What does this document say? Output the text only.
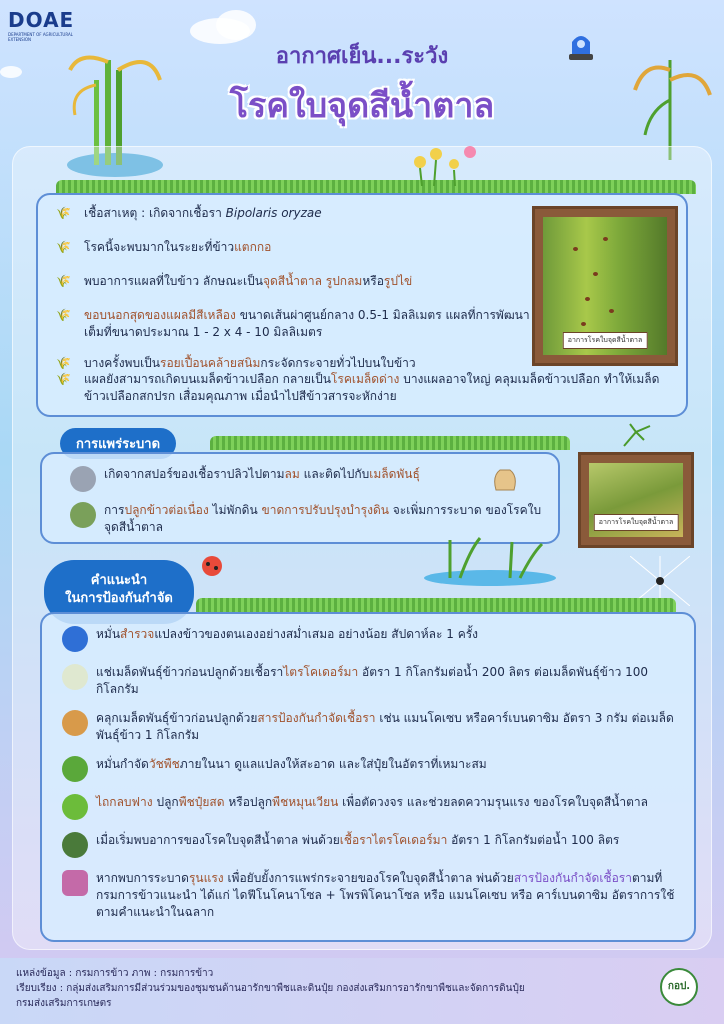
DOAE
DEPARTMENT OF AGRICULTURAL EXTENSION
อากาศเย็น...ระวัง
โรคใบจุดสีน้ำตาล
🌾	เชื้อสาเหตุ : เกิดจากเชื้อรา Bipolaris oryzae
🌾	โรคนี้จะพบมากในระยะที่ข้าวแตกกอ
🌾	พบอาการแผลที่ใบข้าว ลักษณะเป็นจุดสีน้ำตาล รูปกลมหรือรูปไข่
🌾	ขอบนอกสุดของแผลมีสีเหลือง ขนาดเส้นผ่าศูนย์กลาง 0.5-1 มิลลิเมตร แผลที่การพัฒนาเต็มที่ขนาดประมาณ 1 - 2 x 4 - 10 มิลลิเมตร
🌾	บางครั้งพบเป็นรอยเปื้อนคล้ายสนิมกระจัดกระจายทั่วไปบนใบข้าว
🌾	แผลยังสามารถเกิดบนเมล็ดข้าวเปลือก กลายเป็นโรคเมล็ดด่าง บางแผลอาจใหญ่ คลุมเมล็ดข้าวเปลือก ทำให้เมล็ดข้าวเปลือกสกปรก เสื่อมคุณภาพ เมื่อนำไปสีข้าวสารจะหักง่าย
อาการโรคใบจุดสีน้ำตาล
การแพร่ระบาด
เกิดจากสปอร์ของเชื้อราปลิวไปตามลม และติดไปกับเมล็ดพันธุ์
การปลูกข้าวต่อเนื่อง ไม่พักดิน ขาดการปรับปรุงบำรุงดิน จะเพิ่มการระบาด ของโรคใบจุดสีน้ำตาล	อาการโรคใบจุดสีน้ำตาล
คำแนะนำ
ในการป้องกันกำจัด
หมั่นสำรวจแปลงข้าวของตนเองอย่างสม่ำเสมอ อย่างน้อย สัปดาห์ละ 1 ครั้ง
แช่เมล็ดพันธุ์ข้าวก่อนปลูกด้วยเชื้อราไตรโคเดอร์มา อัตรา 1 กิโลกรัมต่อน้ำ 200 ลิตร ต่อเมล็ดพันธุ์ข้าว 100 กิโลกรัม
คลุกเมล็ดพันธุ์ข้าวก่อนปลูกด้วยสารป้องกันกำจัดเชื้อรา เช่น แมนโคเซบ หรือคาร์เบนดาซิม อัตรา 3 กรัม ต่อเมล็ดพันธุ์ข้าว 1 กิโลกรัม
หมั่นกำจัดวัชพืชภายในนา ดูแลแปลงให้สะอาด และใส่ปุ๋ยในอัตราที่เหมาะสม
ไถกลบฟาง ปลูกพืชปุ๋ยสด หรือปลูกพืชหมุนเวียน เพื่อตัดวงจร และช่วยลดความรุนแรง ของโรคใบจุดสีน้ำตาล
เมื่อเริ่มพบอาการของโรคใบจุดสีน้ำตาล พ่นด้วยเชื้อราไตรโคเดอร์มา อัตรา 1 กิโลกรัมต่อน้ำ 100 ลิตร
หากพบการระบาดรุนแรง เพื่อยับยั้งการแพร่กระจายของโรคใบจุดสีน้ำตาล พ่นด้วยสารป้องกันกำจัดเชื้อราตามที่กรมการข้าวแนะนำ ได้แก่ ไดฟีโนโคนาโซล + โพรพิโคนาโซล หรือ แมนโคเซบ หรือ คาร์เบนดาซิม อัตราการใช้ตามคำแนะนำในฉลาก
แหล่งข้อมูล : กรมการข้าว ภาพ : กรมการข้าว
เรียบเรียง : กลุ่มส่งเสริมการมีส่วนร่วมของชุมชนด้านอารักขาพืชและดินปุ๋ย กองส่งเสริมการอารักขาพืชและจัดการดินปุ๋ย
กรมส่งเสริมการเกษตร
กอป.
